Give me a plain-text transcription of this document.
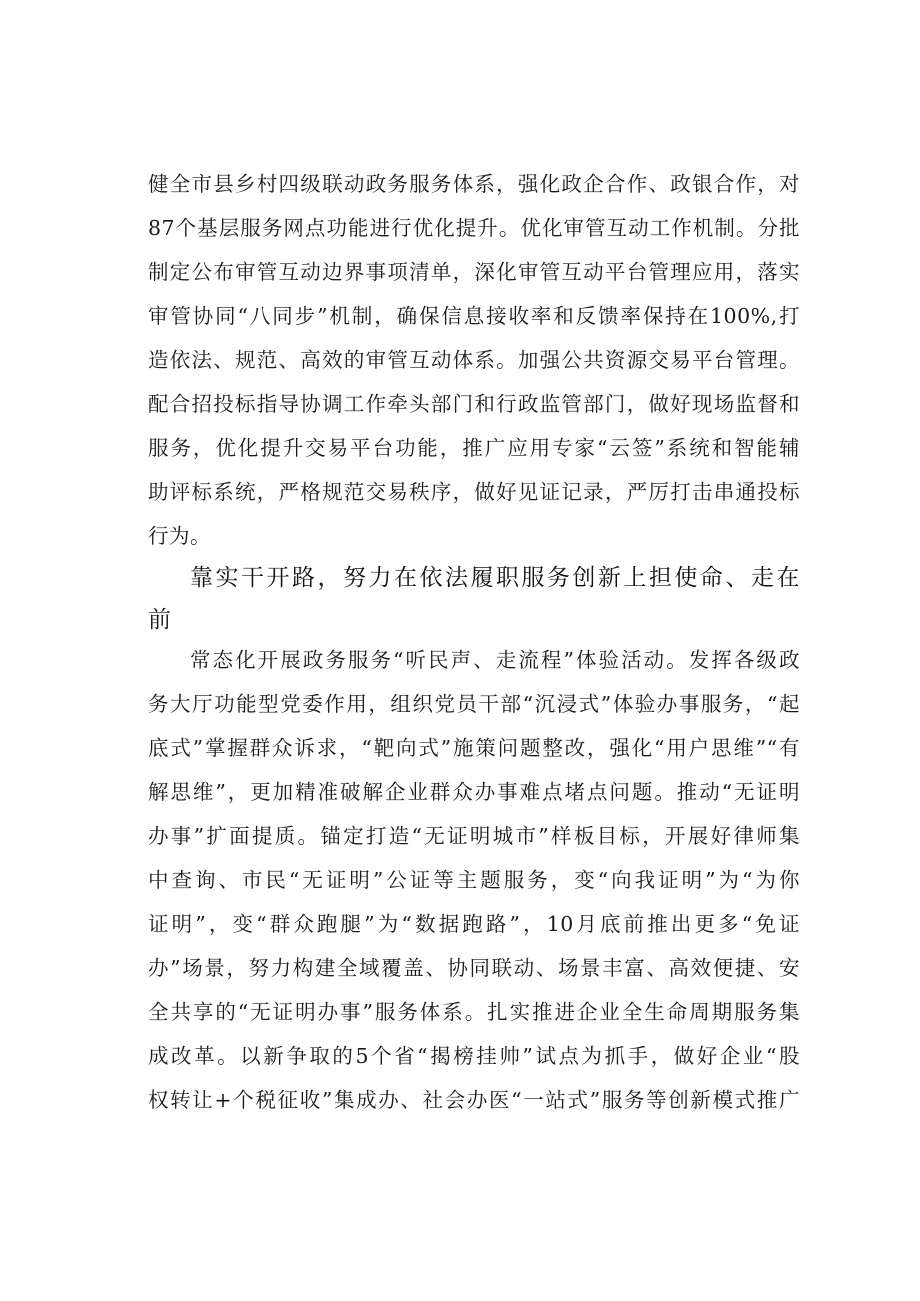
健全市县乡村四级联动政务服务体系，强化政企合作、政银合作，对
87个基层服务网点功能进行优化提升。优化审管互动工作机制。分批
制定公布审管互动边界事项清单，深化审管互动平台管理应用，落实
审管协同“八同步”机制，确保信息接收率和反馈率保持在100%,打
造依法、规范、高效的审管互动体系。加强公共资源交易平台管理。
配合招投标指导协调工作牵头部门和行政监管部门，做好现场监督和
服务，优化提升交易平台功能，推广应用专家“云签”系统和智能辅
助评标系统，严格规范交易秩序，做好见证记录，严厉打击串通投标
行为。
靠实干开路，努力在依法履职服务创新上担使命、走在
前
常态化开展政务服务“听民声、走流程”体验活动。发挥各级政
务大厅功能型党委作用，组织党员干部“沉浸式”体验办事服务，“起
底式”掌握群众诉求，“靶向式”施策问题整改，强化“用户思维”“有
解思维”，更加精准破解企业群众办事难点堵点问题。推动“无证明
办事”扩面提质。锚定打造“无证明城市”样板目标，开展好律师集
中查询、市民“无证明”公证等主题服务，变“向我证明”为“为你
证明”，变“群众跑腿”为“数据跑路”，10月底前推出更多“免证
办”场景，努力构建全域覆盖、协同联动、场景丰富、高效便捷、安
全共享的“无证明办事”服务体系。扎实推进企业全生命周期服务集
成改革。以新争取的5个省“揭榜挂帅”试点为抓手，做好企业“股
权转让+个税征收”集成办、社会办医“一站式”服务等创新模式推广
